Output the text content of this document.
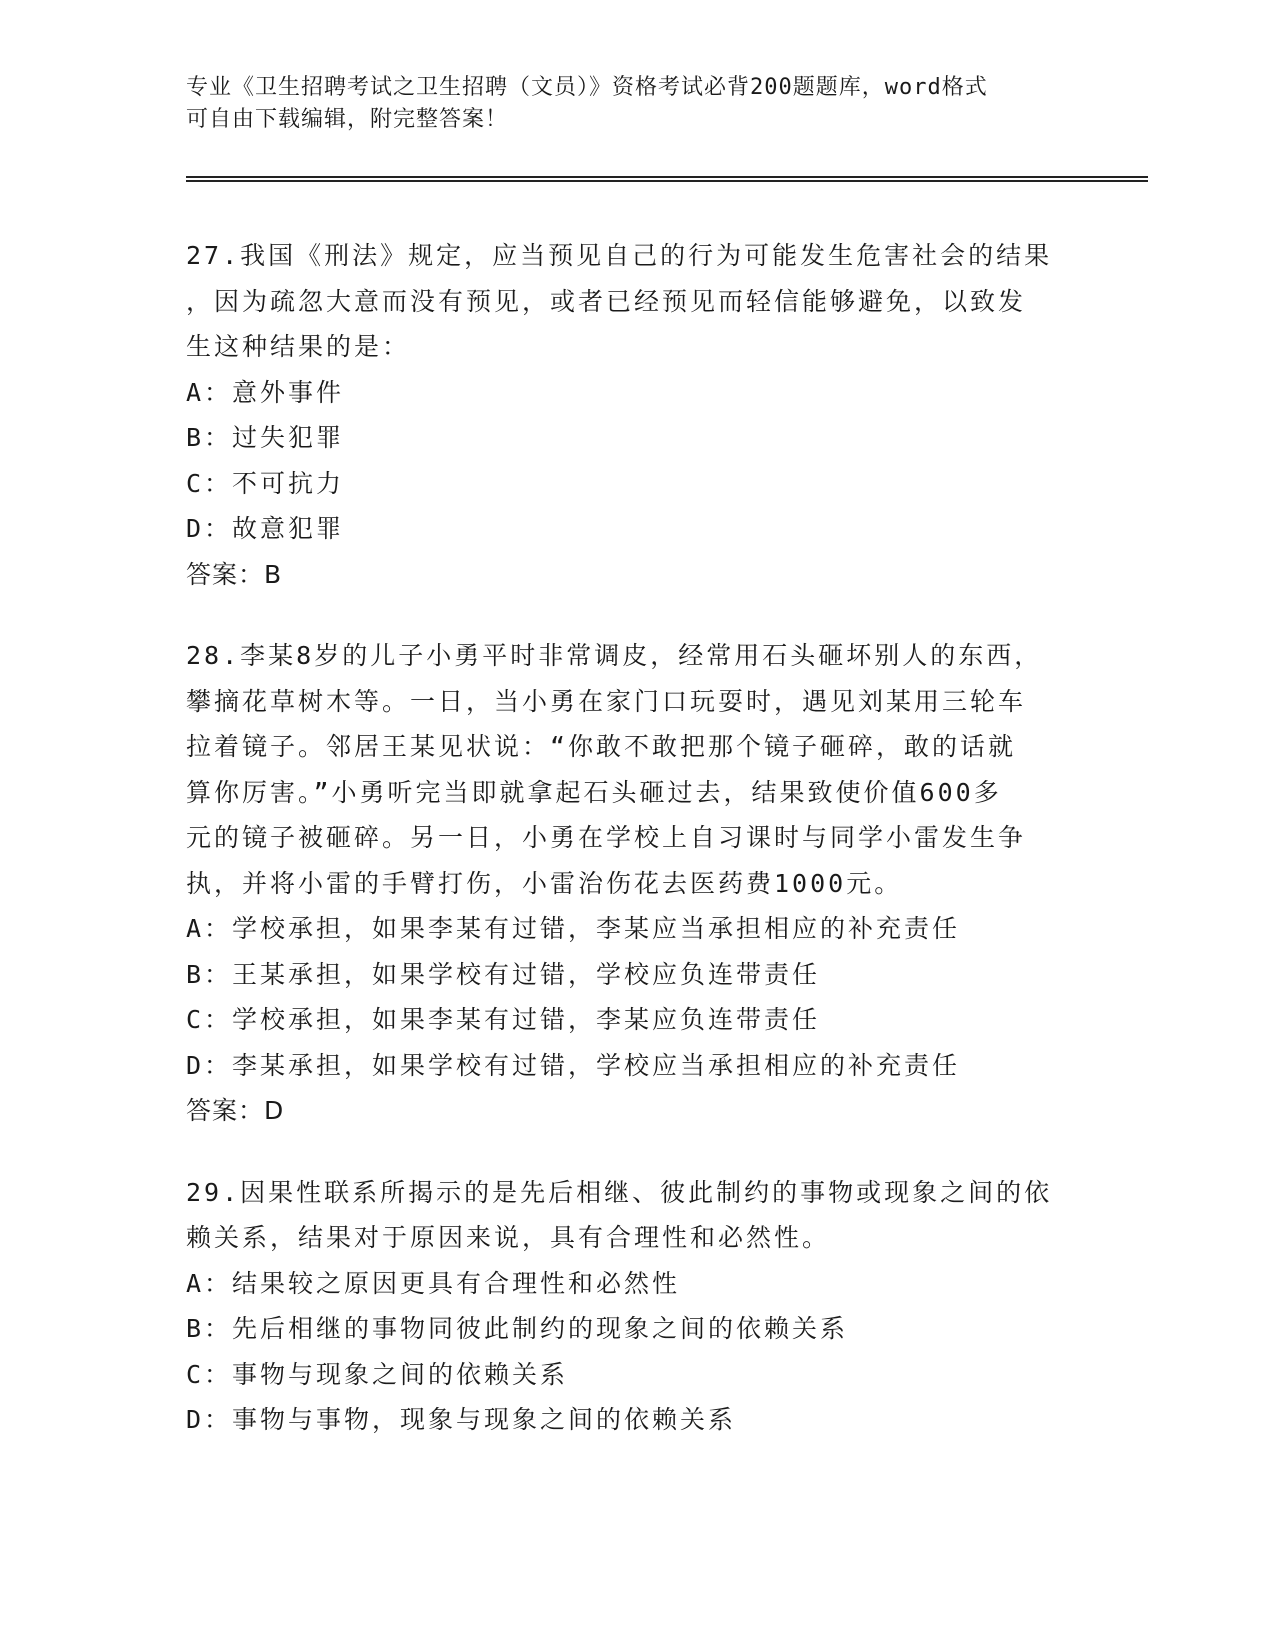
专业《卫生招聘考试之卫生招聘（文员）》资格考试必背200题题库，word格式
可自由下载编辑，附完整答案！
27.我国《刑法》规定，应当预见自己的行为可能发生危害社会的结果
，因为疏忽大意而没有预见，或者已经预见而轻信能够避免，以致发
生这种结果的是：
A：意外事件
B：过失犯罪
C：不可抗力
D：故意犯罪
答案：B
28.李某8岁的儿子小勇平时非常调皮，经常用石头砸坏别人的东西，
攀摘花草树木等。一日，当小勇在家门口玩耍时，遇见刘某用三轮车
拉着镜子。邻居王某见状说：“你敢不敢把那个镜子砸碎，敢的话就
算你厉害。”小勇听完当即就拿起石头砸过去，结果致使价值600多
元的镜子被砸碎。另一日，小勇在学校上自习课时与同学小雷发生争
执，并将小雷的手臂打伤，小雷治伤花去医药费1000元。
A：学校承担，如果李某有过错，李某应当承担相应的补充责任
B：王某承担，如果学校有过错，学校应负连带责任
C：学校承担，如果李某有过错，李某应负连带责任
D：李某承担，如果学校有过错，学校应当承担相应的补充责任
答案：D
29.因果性联系所揭示的是先后相继、彼此制约的事物或现象之间的依
赖关系，结果对于原因来说，具有合理性和必然性。
A：结果较之原因更具有合理性和必然性
B：先后相继的事物同彼此制约的现象之间的依赖关系
C：事物与现象之间的依赖关系
D：事物与事物，现象与现象之间的依赖关系
